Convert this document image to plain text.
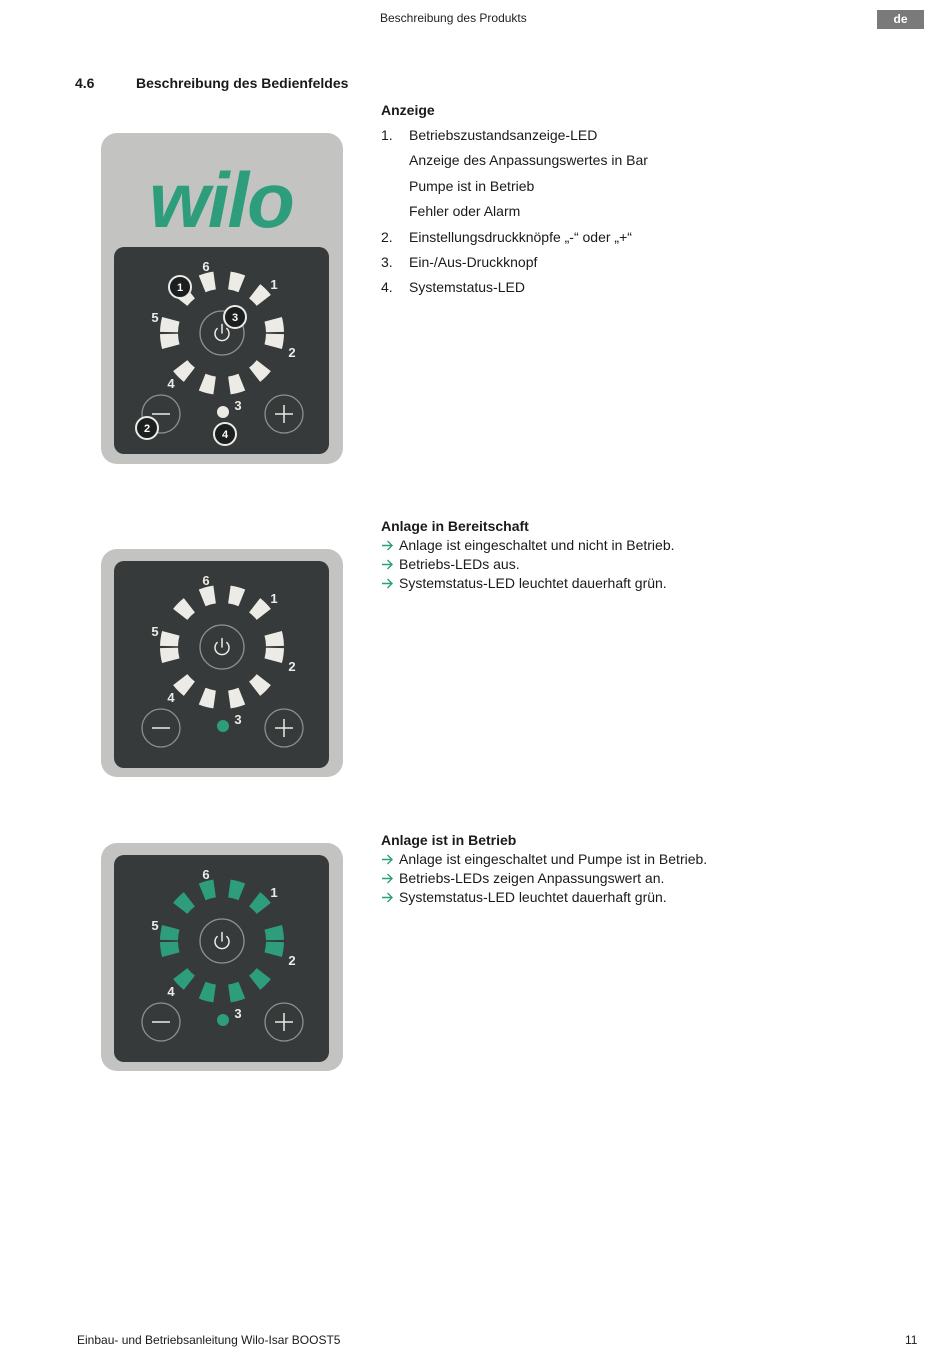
Beschreibung des Produkts	de
4.6	Beschreibung des Bedienfeldes
wilo
1
2
3
4
5
6
1
2
3
4
1
2
3
4
5
6
1
2
3
4
5
6
Anzeige
1. Betriebszustandsanzeige-LED
Anzeige des Anpassungswertes in Bar
Pumpe ist in Betrieb
Fehler oder Alarm
2. Einstellungsdruckknöpfe „-“ oder „+“
3. Ein-/Aus-Druckknopf
4. Systemstatus-LED
Anlage in Bereitschaft
Anlage ist eingeschaltet und nicht in Betrieb.
Betriebs-LEDs aus.
Systemstatus-LED leuchtet dauerhaft grün.
Anlage ist in Betrieb
Anlage ist eingeschaltet und Pumpe ist in Betrieb.
Betriebs-LEDs zeigen Anpassungswert an.
Systemstatus-LED leuchtet dauerhaft grün.
Einbau- und Betriebsanleitung Wilo-Isar BOOST5	11
